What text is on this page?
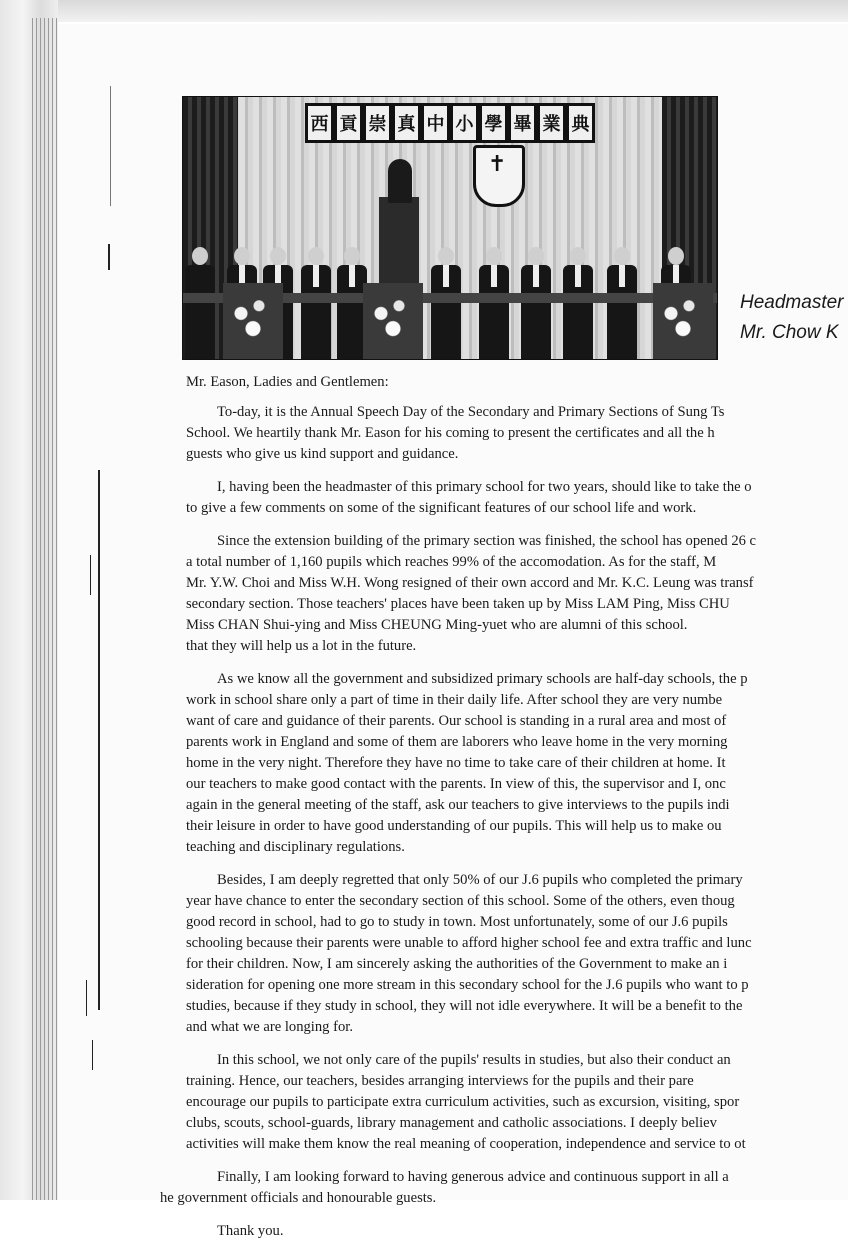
西 貢 崇 真 中 小 學 畢 業 典
✝
Headmaster
Mr. Chow K

Mr. Eason, Ladies and Gentlemen:

To-day, it is the Annual Speech Day of the Secondary and Primary Sections of Sung Ts
School. We heartily thank Mr. Eason for his coming to present the certificates and all the h
guests who give us kind support and guidance.

I, having been the headmaster of this primary school for two years, should like to take the o
to give a few comments on some of the significant features of our school life and work.

Since the extension building of the primary section was finished, the school has opened 26 c
a total number of 1,160 pupils which reaches 99% of the accomodation. As for the staff, M
Mr. Y.W. Choi and Miss W.H. Wong resigned of their own accord and Mr. K.C. Leung was transf
secondary section. Those teachers' places have been taken up by Miss LAM Ping, Miss CHU
Miss CHAN Shui-ying and Miss CHEUNG Ming-yuet who are alumni of this school.
that they will help us a lot in the future.

As we know all the government and subsidized primary schools are half-day schools, the p
work in school share only a part of time in their daily life. After school they are very numbe
want of care and guidance of their parents. Our school is standing in a rural area and most of
parents work in England and some of them are laborers who leave home in the very morning
home in the very night. Therefore they have no time to take care of their children at home. It
our teachers to make good contact with the parents. In view of this, the supervisor and I, onc
again in the general meeting of the staff, ask our teachers to give interviews to the pupils indi
their leisure in order to have good understanding of our pupils. This will help us to make ou
teaching and disciplinary regulations.

Besides, I am deeply regretted that only 50% of our J.6 pupils who completed the primary
year have chance to enter the secondary section of this school. Some of the others, even thoug
good record in school, had to go to study in town. Most unfortunately, some of our J.6 pupils
schooling because their parents were unable to afford higher school fee and extra traffic and lunc
for their children. Now, I am sincerely asking the authorities of the Government to make an i
sideration for opening one more stream in this secondary school for the J.6 pupils who want to p
studies, because if they study in school, they will not idle everywhere. It will be a benefit to the
and what we are longing for.

In this school, we not only care of the pupils' results in studies, but also their conduct an
training. Hence, our teachers, besides arranging interviews for the pupils and their pare
encourage our pupils to participate extra curriculum activities, such as excursion, visiting, spor
clubs, scouts, school-guards, library management and catholic associations. I deeply believ
activities will make them know the real meaning of cooperation, independence and service to ot

Finally, I am looking forward to having generous advice and continuous support in all a
he government officials and honourable guests.

Thank you.
